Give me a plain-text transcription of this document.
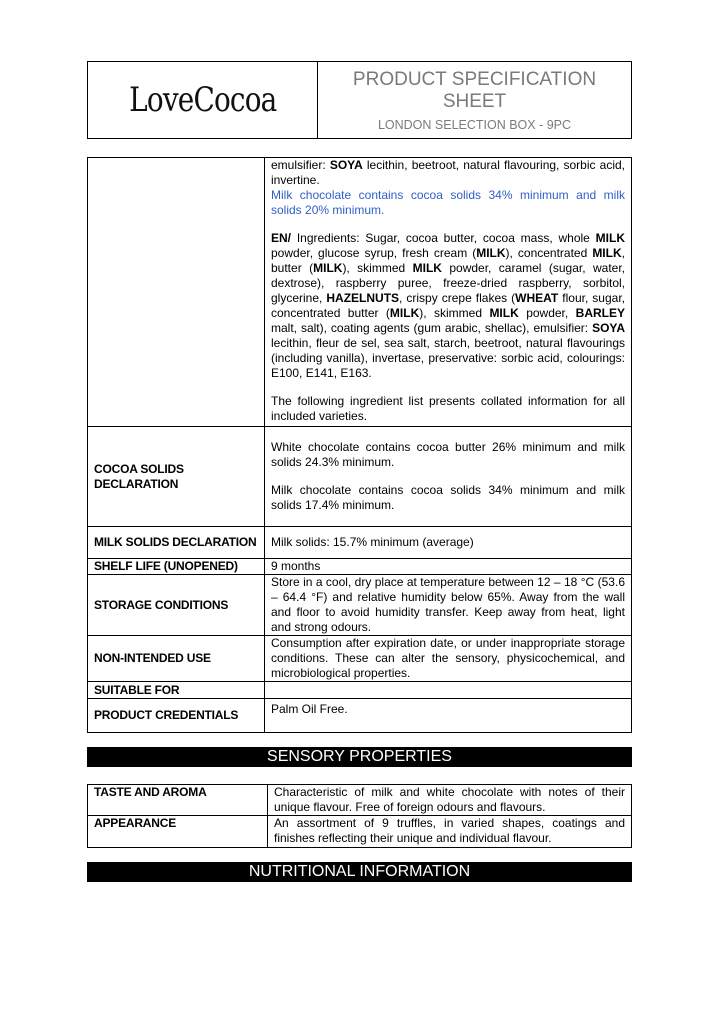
LoveCocoa
PRODUCT SPECIFICATION
SHEET
LONDON SELECTION BOX - 9PC

	emulsifier: SOYA lecithin, beetroot, natural flavouring, sorbic acid, invertine.

Milk chocolate contains cocoa solids 34% minimum and milk solids 20% minimum.

EN/ Ingredients: Sugar, cocoa butter, cocoa mass, whole MILK powder, glucose syrup, fresh cream (MILK), concentrated MILK, butter (MILK), skimmed MILK powder, caramel (sugar, water, dextrose), raspberry puree, freeze-dried raspberry, sorbitol, glycerine, HAZELNUTS, crispy crepe flakes (WHEAT flour, sugar, concentrated butter (MILK), skimmed MILK powder, BARLEY malt, salt), coating agents (gum arabic, shellac), emulsifier: SOYA lecithin, fleur de sel, sea salt, starch, beetroot, natural flavourings (including vanilla), invertase, preservative: sorbic acid, colourings: E100, E141, E163.

The following ingredient list presents collated information for all included varieties.

COCOA SOLIDS DECLARATION	White chocolate contains cocoa butter 26% minimum and milk solids 24.3% minimum.

Milk chocolate contains cocoa solids 34% minimum and milk solids 17.4% minimum.

MILK SOLIDS DECLARATION	Milk solids: 15.7% minimum (average)
SHELF LIFE (UNOPENED)	9 months
STORAGE CONDITIONS	Store in a cool, dry place at temperature between 12 – 18 °C (53.6 – 64.4 °F) and relative humidity below 65%. Away from the wall and floor to avoid humidity transfer. Keep away from heat, light and strong odours.
NON-INTENDED USE	Consumption after expiration date, or under inappropriate storage conditions. These can alter the sensory, physicochemical, and microbiological properties.
SUITABLE FOR	
PRODUCT CREDENTIALS	Palm Oil Free.
SENSORY PROPERTIES
TASTE AND AROMA	Characteristic of milk and white chocolate with notes of their unique flavour. Free of foreign odours and flavours.
APPEARANCE	An assortment of 9 truffles, in varied shapes, coatings and finishes reflecting their unique and individual flavour.
NUTRITIONAL INFORMATION
